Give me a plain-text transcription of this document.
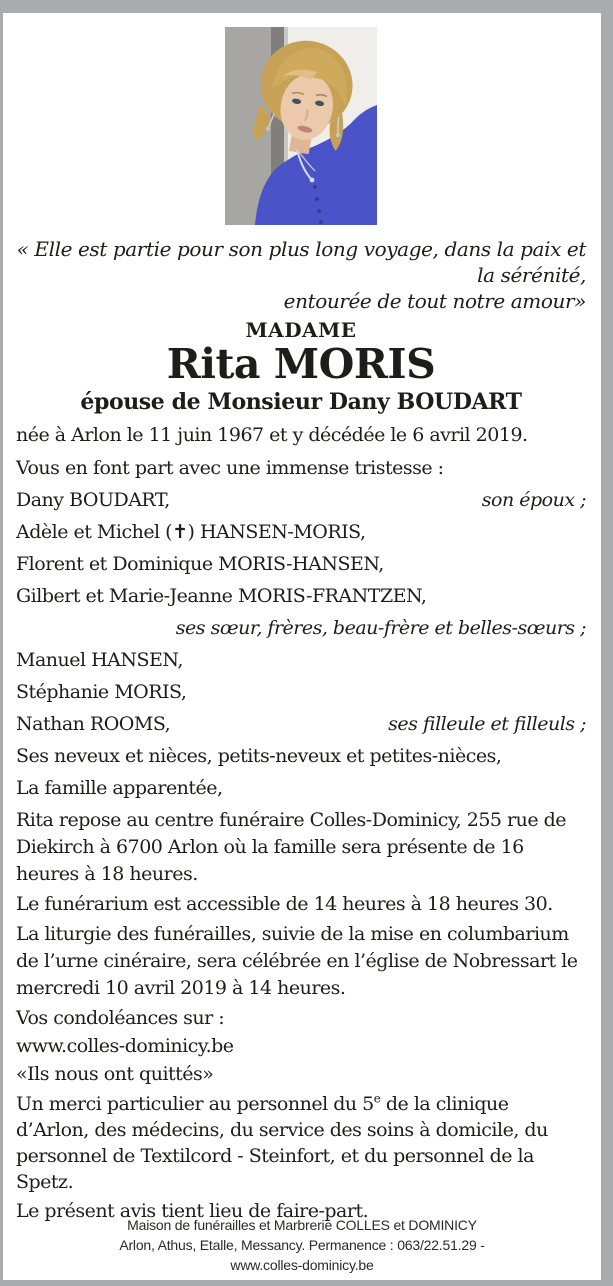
« Elle est partie pour son plus long voyage, dans la paix et
la sérénité,
entourée de tout notre amour»
MADAME
Rita MORIS
épouse de Monsieur Dany BOUDART
née à Arlon le 11 juin 1967 et y décédée le 6 avril 2019.
Vous en font part avec une immense tristesse :
Dany BOUDART,	son époux ;
Adèle et Michel (✝) HANSEN-MORIS,
Florent et Dominique MORIS-HANSEN,
Gilbert et Marie-Jeanne MORIS-FRANTZEN,
ses sœur, frères, beau-frère et belles-sœurs ;
Manuel HANSEN,
Stéphanie MORIS,
Nathan ROOMS,	ses filleule et filleuls ;
Ses neveux et nièces, petits-neveux et petites-nièces,
La famille apparentée,
Rita repose au centre funéraire Colles-Dominicy, 255 rue de Diekirch à 6700 Arlon où la famille sera présente de 16 heures à 18 heures.
Le funérarium est accessible de 14 heures à 18 heures 30.
La liturgie des funérailles, suivie de la mise en columbarium de l’urne cinéraire, sera célébrée en l’église de Nobressart le mercredi 10 avril 2019 à 14 heures.
Vos condoléances sur :
www.colles-dominicy.be
«Ils nous ont quittés»
Un merci particulier au personnel du 5e de la clinique d’Arlon, des médecins, du service des soins à domicile, du personnel de Textilcord - Steinfort, et du personnel de la Spetz.
Le présent avis tient lieu de faire-part.
Maison de funérailles et Marbrerie COLLES et DOMINICY
Arlon, Athus, Etalle, Messancy. Permanence : 063/22.51.29 -
www.colles-dominicy.be
